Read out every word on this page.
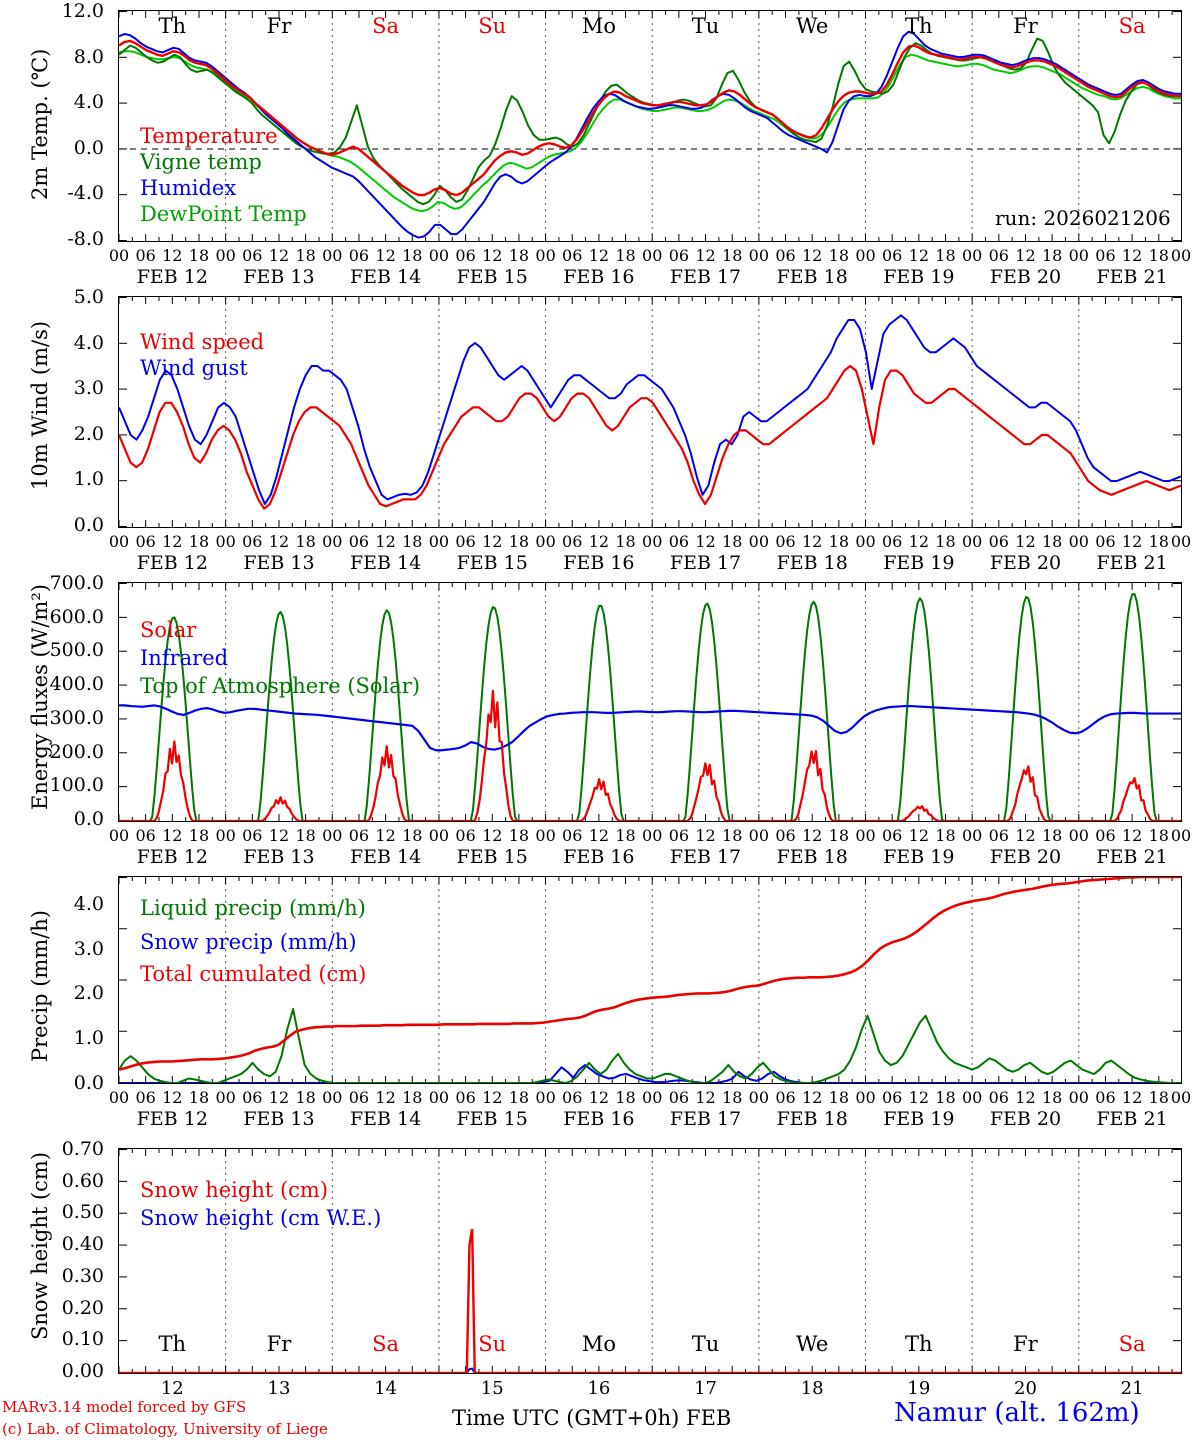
2m Temp. (℃)
12.0
8.0
4.0
0.0
-4.0
-8.0
Th	Fr	Sa	Su	Mo	Tu	We	Th	Fr	Sa
Temperature
Vigne temp
Humidex
DewPoint Temp	run: 2026021206
00 06 12 18 00 06 12 18 00 06 12 18 00 06 12 18 00 06 12 18 00 06 12 18 00 06 12 18 00 06 12 18 00 06 12 18 00 06 12 18 00
FEB 12	FEB 13	FEB 14	FEB 15	FEB 16	FEB 17	FEB 18	FEB 19	FEB 20	FEB 21
10m Wind (m/s)
5.0
4.0
3.0
2.0
1.0
0.0
Wind speed
Wind gust
00 06 12 18 00 06 12 18 00 06 12 18 00 06 12 18 00 06 12 18 00 06 12 18 00 06 12 18 00 06 12 18 00 06 12 18 00 06 12 18 00
FEB 12	FEB 13	FEB 14	FEB 15	FEB 16	FEB 17	FEB 18	FEB 19	FEB 20	FEB 21
Energy fluxes (W/m²)
700.0
600.0
500.0
400.0
300.0
200.0
100.0
0.0
Solar
Infrared
Top of Atmosphere (Solar)
00 06 12 18 00 06 12 18 00 06 12 18 00 06 12 18 00 06 12 18 00 06 12 18 00 06 12 18 00 06 12 18 00 06 12 18 00 06 12 18 00
FEB 12	FEB 13	FEB 14	FEB 15	FEB 16	FEB 17	FEB 18	FEB 19	FEB 20	FEB 21
Precip (mm/h)
4.0
3.0
2.0
1.0
0.0
Liquid precip (mm/h)
Snow precip (mm/h)
Total cumulated (cm)
00 06 12 18 00 06 12 18 00 06 12 18 00 06 12 18 00 06 12 18 00 06 12 18 00 06 12 18 00 06 12 18 00 06 12 18 00 06 12 18 00
FEB 12	FEB 13	FEB 14	FEB 15	FEB 16	FEB 17	FEB 18	FEB 19	FEB 20	FEB 21
Snow height (cm)
0.70
0.60
0.50
0.40
0.30
0.20
0.10
0.00
Snow height (cm)
Snow height (cm W.E.)
Th	Fr	Sa	Su	Mo	Tu	We	Th	Fr	Sa
12	13	14	15	16	17	18	19	20	21
MARv3.14 model forced by GFS
(c) Lab. of Climatology, University of Liege	Time UTC (GMT+0h) FEB	Namur (alt. 162m)
